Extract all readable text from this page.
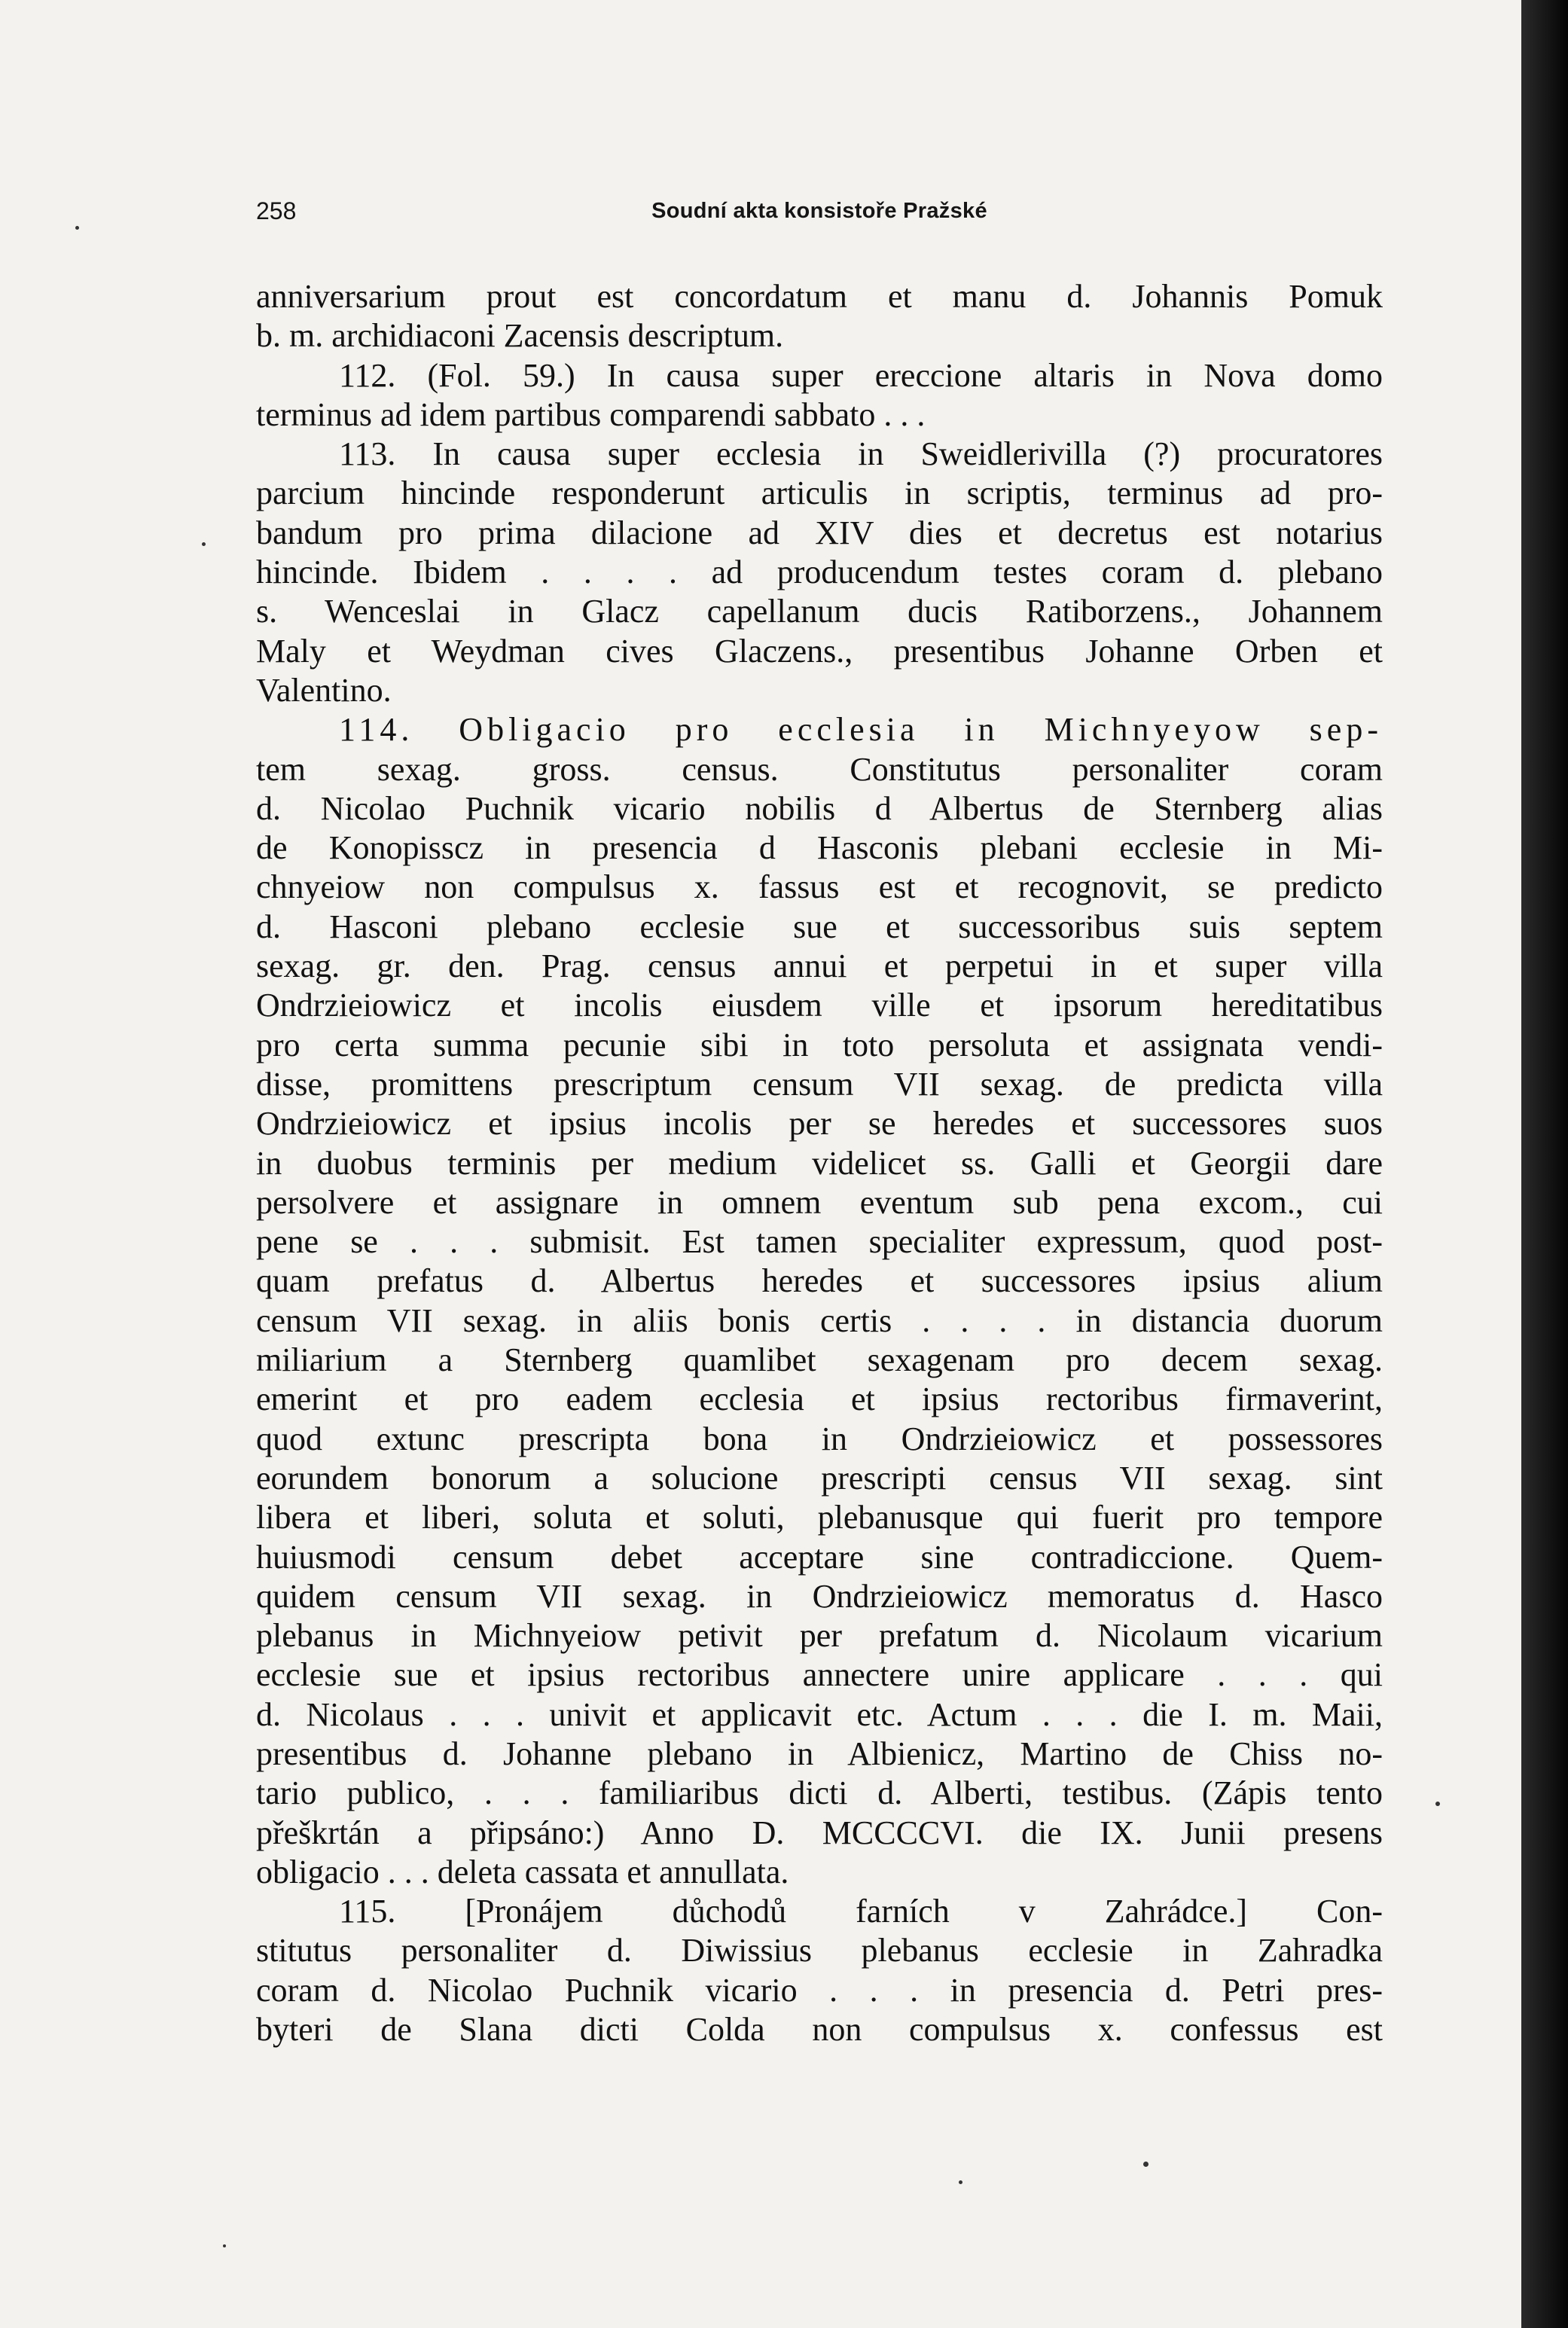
258	Soudní akta konsistoře Pražské
anniversarium prout est concordatum et manu d. Johannis Pomuk
b. m. archidiaconi Zacensis descriptum.
112. (Fol. 59.) In causa super ereccione altaris in Nova domo
terminus ad idem partibus comparendi sabbato . . .
113. In causa super ecclesia in Sweidlerivilla (?) procuratores
parcium hincinde responderunt articulis in scriptis, terminus ad pro-
bandum pro prima dilacione ad XIV dies et decretus est notarius
hincinde. Ibidem . . . . ad producendum testes coram d. plebano
s. Wenceslai in Glacz capellanum ducis Ratiborzens., Johannem
Maly et Weydman cives Glaczens., presentibus Johanne Orben et
Valentino.
114. Obligacio pro ecclesia in Michnyeyow sep-
tem sexag. gross. census. Constitutus personaliter coram
d. Nicolao Puchnik vicario nobilis d Albertus de Sternberg alias
de Konopisscz in presencia d Hasconis plebani ecclesie in Mi-
chnyeiow non compulsus x. fassus est et recognovit, se predicto
d. Hasconi plebano ecclesie sue et successoribus suis septem
sexag. gr. den. Prag. census annui et perpetui in et super villa
Ondrzieiowicz et incolis eiusdem ville et ipsorum hereditatibus
pro certa summa pecunie sibi in toto persoluta et assignata vendi-
disse, promittens prescriptum censum VII sexag. de predicta villa
Ondrzieiowicz et ipsius incolis per se heredes et successores suos
in duobus terminis per medium videlicet ss. Galli et Georgii dare
persolvere et assignare in omnem eventum sub pena excom., cui
pene se . . . submisit. Est tamen specialiter expressum, quod post-
quam prefatus d. Albertus heredes et successores ipsius alium
censum VII sexag. in aliis bonis certis . . . . in distancia duorum
miliarium a Sternberg quamlibet sexagenam pro decem sexag.
emerint et pro eadem ecclesia et ipsius rectoribus firmaverint,
quod extunc prescripta bona in Ondrzieiowicz et possessores
eorundem bonorum a solucione prescripti census VII sexag. sint
libera et liberi, soluta et soluti, plebanusque qui fuerit pro tempore
huiusmodi censum debet acceptare sine contradiccione. Quem-
quidem censum VII sexag. in Ondrzieiowicz memoratus d. Hasco
plebanus in Michnyeiow petivit per prefatum d. Nicolaum vicarium
ecclesie sue et ipsius rectoribus annectere unire applicare . . . qui
d. Nicolaus . . . univit et applicavit etc. Actum . . . die I. m. Maii,
presentibus d. Johanne plebano in Albienicz, Martino de Chiss no-
tario publico, . . . familiaribus dicti d. Alberti, testibus. (Zápis tento
přeškrtán a připsáno:) Anno D. MCCCCVI. die IX. Junii presens
obligacio . . . deleta cassata et annullata.
115. [Pronájem důchodů farních v Zahrádce.] Con-
stitutus personaliter d. Diwissius plebanus ecclesie in Zahradka
coram d. Nicolao Puchnik vicario . . . in presencia d. Petri pres-
byteri de Slana dicti Colda non compulsus x. confessus est
